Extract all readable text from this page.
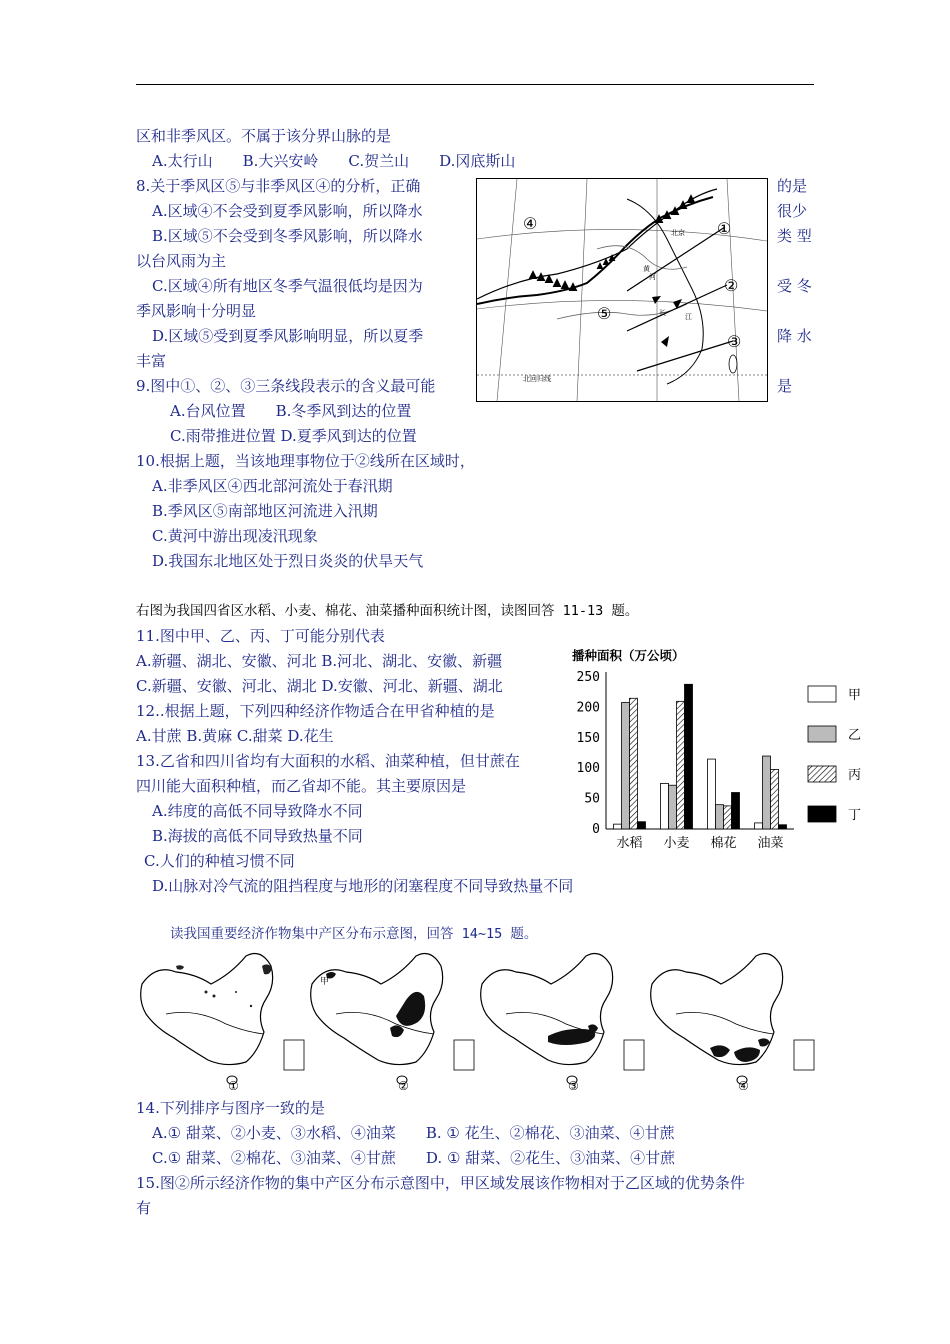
区和非季风区。不属于该分界山脉的是
A.太行山　　B.大兴安岭　　C.贺兰山　　D.冈底斯山
8.关于季风区⑤与非季风区④的分析，正确	的是
A.区域④不会受到夏季风影响，所以降水	很少
B.区域⑤不会受到冬季风影响，所以降水	类 型
以台风雨为主
C.区域④所有地区冬季气温很低均是因为	受 冬
季风影响十分明显
D.区域⑤受到夏季风影响明显，所以夏季	降 水
丰富
9.图中①、②、③三条线段表示的含义最可能	是
A.台风位置　　B.冬季风到达的位置
C.雨带推进位置 D.夏季风到达的位置
10.根据上题，当该地理事物位于②线所在区域时，
A.非季风区④西北部河流处于春汛期
B.季风区⑤南部地区河流进入汛期
C.黄河中游出现凌汛现象
D.我国东北地区处于烈日炎炎的伏旱天气
右图为我国四省区水稻、小麦、棉花、油菜播种面积统计图，读图回答 11-13 题。
11.图中甲、乙、丙、丁可能分别代表
A.新疆、湖北、安徽、河北 B.河北、湖北、安徽、新疆
C.新疆、安徽、河北、湖北 D.安徽、河北、新疆、湖北
12..根据上题，下列四种经济作物适合在甲省种植的是
A.甘蔗 B.黄麻 C.甜菜 D.花生
13.乙省和四川省均有大面积的水稻、油菜种植，但甘蔗在
四川能大面积种植，而乙省却不能。其主要原因是
A.纬度的高低不同导致降水不同
B.海拔的高低不同导致热量不同
C.人们的种植习惯不同
D.山脉对冷气流的阻挡程度与地形的闭塞程度不同导致热量不同
读我国重要经济作物集中产区分布示意图，回答 14~15 题。
14.下列排序与图序一致的是
A.① 甜菜、②小麦、③水稻、④油菜　　B. ① 花生、②棉花、③油菜、④甘蔗
C.① 甜菜、②棉花、③油菜、④甘蔗　　D. ① 甜菜、②花生、③油菜、④甘蔗
15.图②所示经济作物的集中产区分布示意图中，甲区域发展该作物相对于乙区域的优势条件
有
④	①
②
⑤
③
北京
北回归线
黄
河
长	江
播种面积（万公顷）
250
200
150
100
50
0
水稻 小麦 棉花 油菜
甲
乙
丙
丁
①
甲
②	③	④
